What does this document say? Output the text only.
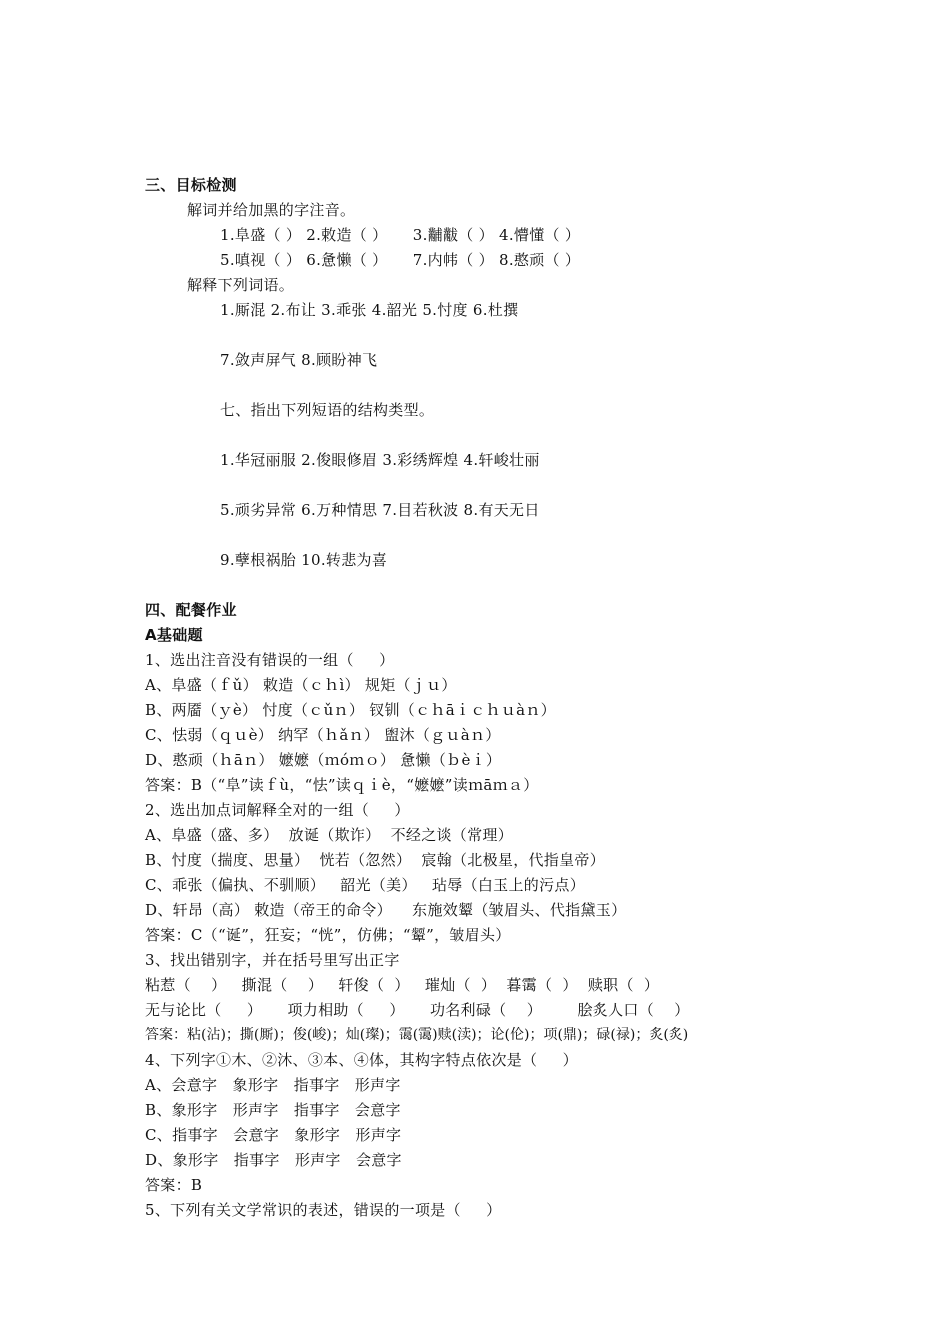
三、目标检测
解词并给加黑的字注音。
1.阜盛（ ） 2.敕造（ ）     3.黼黻（ ） 4.懵懂（ ）
5.嗔视（ ） 6.惫懒（ ）     7.内帏（ ） 8.憨顽（ ）
解释下列词语。
1.厮混 2.布让 3.乖张 4.韶光 5.忖度 6.杜撰
7.敛声屏气 8.顾盼神飞
七、指出下列短语的结构类型。
1.华冠丽服 2.俊眼修眉 3.彩绣辉煌 4.轩峻壮丽
5.顽劣异常 6.万种情思 7.目若秋波 8.有天无日
9.孽根祸胎 10.转悲为喜
四、配餐作业
A基础题
1、选出注音没有错误的一组（     ）
A、阜盛（ｆǔ） 敕造（ｃｈì） 规矩（ｊｕ）
B、两靥（ｙè） 忖度（ｃǔｎ） 钗钏（ｃｈāｉｃｈｕàｎ）
C、怯弱（ｑｕè） 纳罕（ｈǎｎ） 盥沐（ｇｕàｎ）
D、憨顽（ｈāｎ） 嬷嬷（ｍóｍｏ） 惫懒（ｂèｉ）
答案：B（“阜”读ｆù，“怯”读ｑｉè，“嬷嬷”读ｍāｍａ）
2、选出加点词解释全对的一组（     ）
A、阜盛（盛、多）  放诞（欺诈）  不经之谈（常理）
B、忖度（揣度、思量）  恍若（忽然）  宸翰（北极星，代指皇帝）
C、乖张（偏执、不驯顺）   韶光（美）   玷辱（白玉上的污点）
D、轩昂（高） 敕造（帝王的命令）    东施效颦（皱眉头、代指黛玉）
答案：C（“诞”，狂妄；“恍”，仿佛；“颦”，皱眉头）
3、找出错别字，并在括号里写出正字
粘惹（    ）   撕混（    ）   轩俊（  ）   璀灿（  ）  暮霭（  ）  赎职（  ）
无与论比（     ）     项力相助（     ）     功名利碌（    ）       脍炙人口（    ）
答案：粘(沾)；撕(厮)；俊(峻)；灿(璨)；霭(霭)赎(渎)；论(伦)；项(鼎)；碌(禄)；炙(炙)
4、下列字①木、②沐、③本、④体，其构字特点依次是（     ）
A、会意字   象形字   指事字   形声字
B、象形字   形声字   指事字   会意字
C、指事字   会意字   象形字   形声字
D、象形字   指事字   形声字   会意字
答案：B
5、下列有关文学常识的表述，错误的一项是（     ）
